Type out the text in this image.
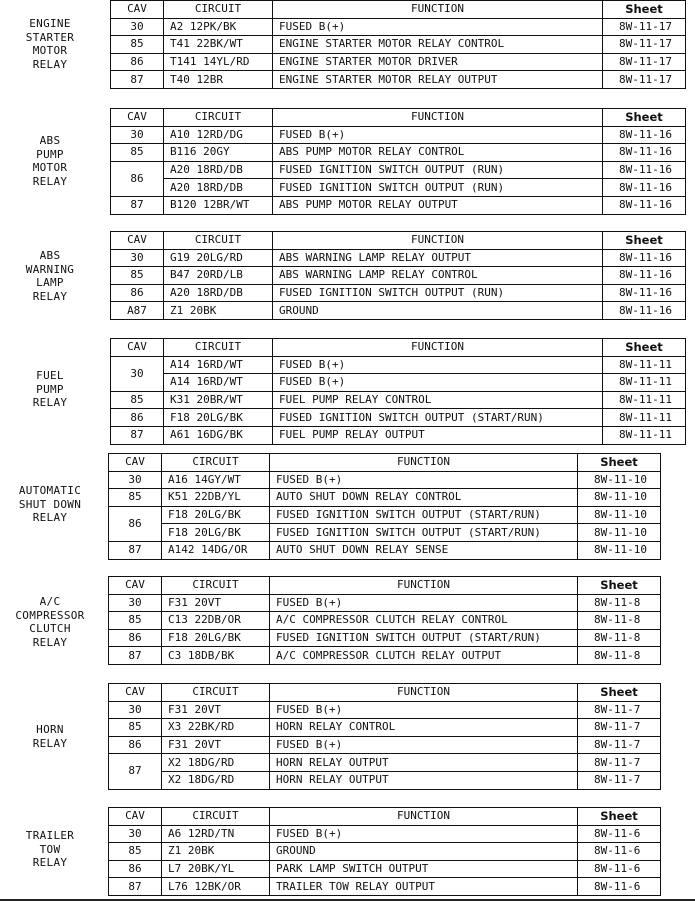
ENGINE
STARTER
MOTOR
RELAY
CAV	CIRCUIT	FUNCTION	Sheet
30	A2 12PK/BK	FUSED B(+)	8W-11-17
85	T41 22BK/WT	ENGINE STARTER MOTOR RELAY CONTROL	8W-11-17
86	T141 14YL/RD	ENGINE STARTER MOTOR DRIVER	8W-11-17
87	T40 12BR	ENGINE STARTER MOTOR RELAY OUTPUT	8W-11-17
ABS
PUMP
MOTOR
RELAY
CAV	CIRCUIT	FUNCTION	Sheet
30	A10 12RD/DG	FUSED B(+)	8W-11-16
85	B116 20GY	ABS PUMP MOTOR RELAY CONTROL	8W-11-16
86	A20 18RD/DB	FUSED IGNITION SWITCH OUTPUT (RUN)	8W-11-16
	A20 18RD/DB	FUSED IGNITION SWITCH OUTPUT (RUN)	8W-11-16
87	B120 12BR/WT	ABS PUMP MOTOR RELAY OUTPUT	8W-11-16
ABS
WARNING
LAMP
RELAY
CAV	CIRCUIT	FUNCTION	Sheet
30	G19 20LG/RD	ABS WARNING LAMP RELAY OUTPUT	8W-11-16
85	B47 20RD/LB	ABS WARNING LAMP RELAY CONTROL	8W-11-16
86	A20 18RD/DB	FUSED IGNITION SWITCH OUTPUT (RUN)	8W-11-16
A87	Z1 20BK	GROUND	8W-11-16
FUEL
PUMP
RELAY
CAV	CIRCUIT	FUNCTION	Sheet
30	A14 16RD/WT	FUSED B(+)	8W-11-11
	A14 16RD/WT	FUSED B(+)	8W-11-11
85	K31 20BR/WT	FUEL PUMP RELAY CONTROL	8W-11-11
86	F18 20LG/BK	FUSED IGNITION SWITCH OUTPUT (START/RUN)	8W-11-11
87	A61 16DG/BK	FUEL PUMP RELAY OUTPUT	8W-11-11
AUTOMATIC
SHUT DOWN
RELAY
CAV	CIRCUIT	FUNCTION	Sheet
30	A16 14GY/WT	FUSED B(+)	8W-11-10
85	K51 22DB/YL	AUTO SHUT DOWN RELAY CONTROL	8W-11-10
86	F18 20LG/BK	FUSED IGNITION SWITCH OUTPUT (START/RUN)	8W-11-10
	F18 20LG/BK	FUSED IGNITION SWITCH OUTPUT (START/RUN)	8W-11-10
87	A142 14DG/OR	AUTO SHUT DOWN RELAY SENSE	8W-11-10
A/C
COMPRESSOR
CLUTCH
RELAY
CAV	CIRCUIT	FUNCTION	Sheet
30	F31 20VT	FUSED B(+)	8W-11-8
85	C13 22DB/OR	A/C COMPRESSOR CLUTCH RELAY CONTROL	8W-11-8
86	F18 20LG/BK	FUSED IGNITION SWITCH OUTPUT (START/RUN)	8W-11-8
87	C3 18DB/BK	A/C COMPRESSOR CLUTCH RELAY OUTPUT	8W-11-8
HORN
RELAY
CAV	CIRCUIT	FUNCTION	Sheet
30	F31 20VT	FUSED B(+)	8W-11-7
85	X3 22BK/RD	HORN RELAY CONTROL	8W-11-7
86	F31 20VT	FUSED B(+)	8W-11-7
87	X2 18DG/RD	HORN RELAY OUTPUT	8W-11-7
	X2 18DG/RD	HORN RELAY OUTPUT	8W-11-7
TRAILER
TOW
RELAY
CAV	CIRCUIT	FUNCTION	Sheet
30	A6 12RD/TN	FUSED B(+)	8W-11-6
85	Z1 20BK	GROUND	8W-11-6
86	L7 20BK/YL	PARK LAMP SWITCH OUTPUT	8W-11-6
87	L76 12BK/OR	TRAILER TOW RELAY OUTPUT	8W-11-6
